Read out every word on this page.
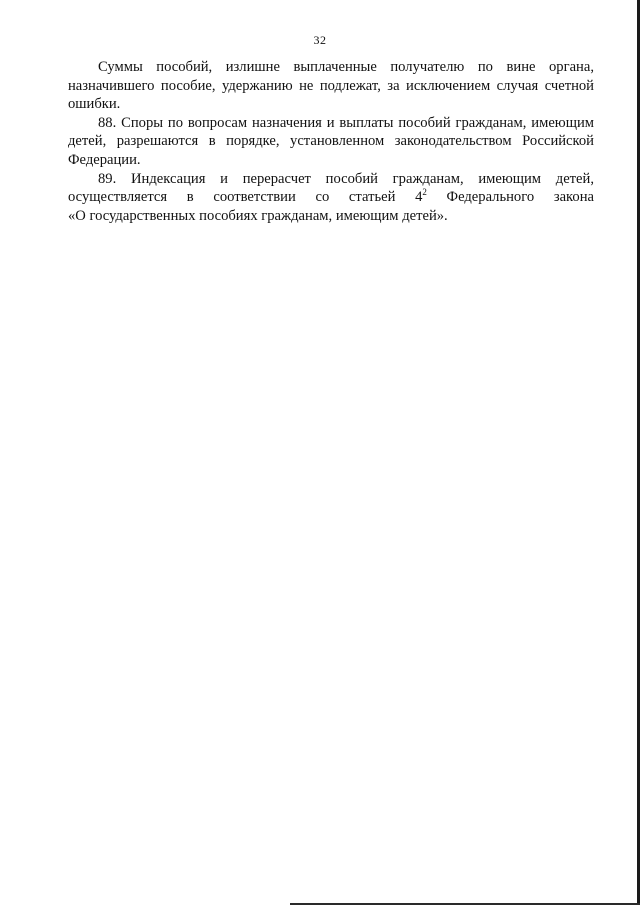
32
Суммы пособий, излишне выплаченные получателю по вине органа,
назначившего пособие, удержанию не подлежат, за исключением случая счетной
ошибки.
88. Споры по вопросам назначения и выплаты пособий гражданам, имеющим
детей, разрешаются в порядке, установленном законодательством Российской
Федерации.
89. Индексация и перерасчет пособий гражданам, имеющим детей,
осуществляется в соответствии со статьей $4^2$ Федерального закона
«О государственных пособиях гражданам, имеющим детей».
